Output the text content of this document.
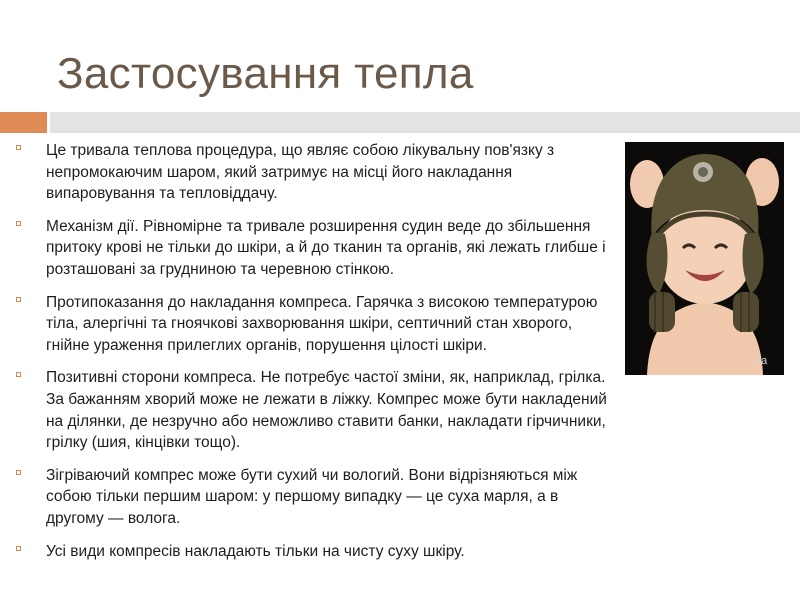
Застосування тепла
Це тривала теплова процедура, що являє собою лікувальну пов'язку з непромокаючим шаром, який затримує на місці його накладання випаровування та тепловіддачу.
Механізм дії. Рівномірне та тривале розширення судин веде до збільшення притоку крові не тільки до шкіри, а й до тканин та органів, які лежать глибше і розташовані за грудниною та черевною стінкою.
Протипоказання до накладання компреса. Гарячка з високою температурою тіла, алергічні та гноячкові захворювання шкіри, септичний стан хворого, гнійне ураження прилеглих органів, порушення цілості шкіри.
Позитивні сторони компреса. Не потребує частої зміни, як, наприклад, грілка. За бажанням хворий може не лежати в ліжку. Компрес може бути накладений на ділянки, де незручно або неможливо ставити банки, накладати гірчичники, грілку (шия, кінцівки тощо).
Зігріваючий компрес може бути сухий чи вологий. Вони відрізняються між собою тільки першим шаром: у першому випадку — це суха марля, а в другому — волога.
Усі види компресів накладають тільки на чисту суху шкіру.
ua
